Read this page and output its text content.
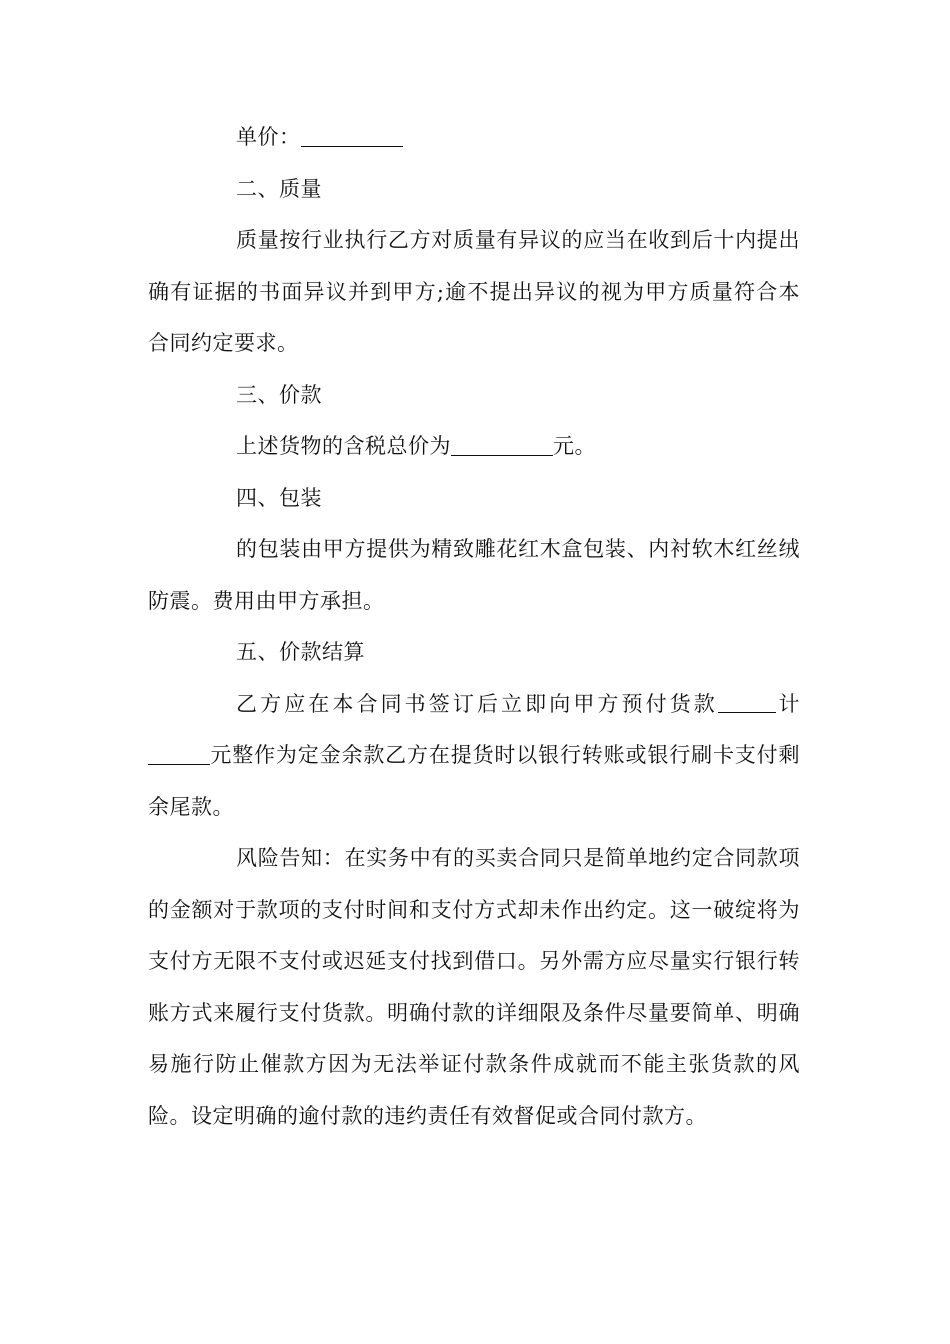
单价：

二、质量

质量按行业执行乙方对质量有异议的应当在收到后十内提出确有证据的书面异议并到甲方;逾不提出异议的视为甲方质量符合本合同约定要求。

三、价款

上述货物的含税总价为	元。

四、包装

的包装由甲方提供为精致雕花红木盒包装、内衬软木红丝绒防震。费用由甲方承担。

五、价款结算

乙方应在本合同书签订后立即向甲方预付货款	计元整作为定金余款乙方在提货时以银行转账或银行刷卡支付剩余尾款。

风险告知：在实务中有的买卖合同只是简单地约定合同款项的金额对于款项的支付时间和支付方式却未作出约定。这一破绽将为支付方无限不支付或迟延支付找到借口。另外需方应尽量实行银行转账方式来履行支付货款。明确付款的详细限及条件尽量要简单、明确易施行防止催款方因为无法举证付款条件成就而不能主张货款的风险。设定明确的逾付款的违约责任有效督促或合同付款方。
